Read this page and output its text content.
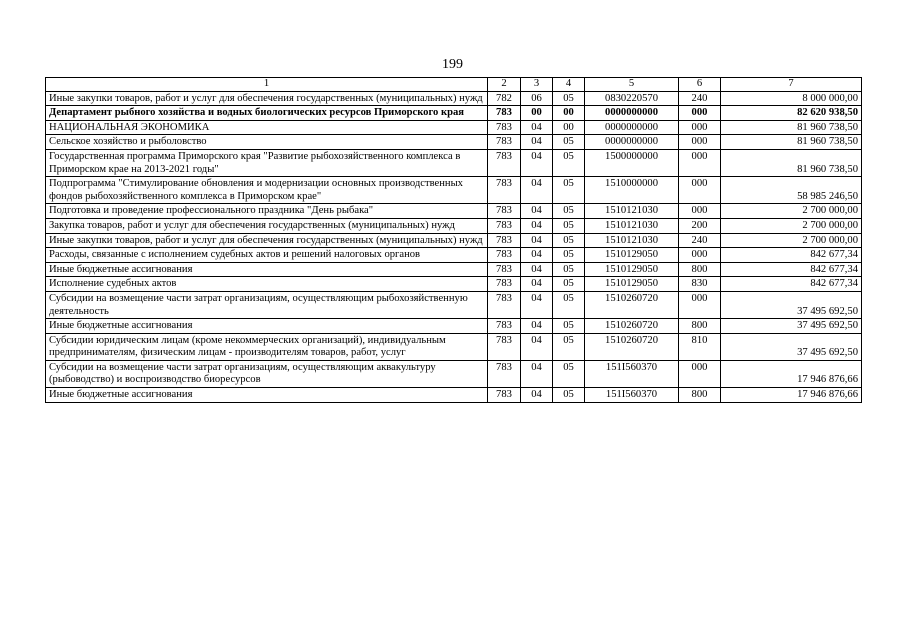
199
1	2	3	4	5	6	7
Иные закупки товаров, работ и услуг для обеспечения государственных (муниципальных) нужд	782	06	05	0830220570	240	8 000 000,00
Департамент рыбного хозяйства и водных биологических ресурсов Приморского края	783	00	00	0000000000	000	82 620 938,50
НАЦИОНАЛЬНАЯ ЭКОНОМИКА	783	04	00	0000000000	000	81 960 738,50
Сельское хозяйство и рыболовство	783	04	05	0000000000	000	81 960 738,50
Государственная программа Приморского края "Развитие рыбохозяйственного комплекса в Приморском крае на 2013-2021 годы"	783	04	05	1500000000	000	81 960 738,50
Подпрограмма "Стимулирование обновления и модернизации основных производственных фондов рыбохозяйственного комплекса в Приморском крае"	783	04	05	1510000000	000	58 985 246,50
Подготовка и проведение профессионального праздника "День рыбака"	783	04	05	1510121030	000	2 700 000,00
Закупка товаров, работ и услуг для обеспечения государственных (муниципальных) нужд	783	04	05	1510121030	200	2 700 000,00
Иные закупки товаров, работ и услуг для обеспечения государственных (муниципальных) нужд	783	04	05	1510121030	240	2 700 000,00
Расходы, связанные с исполнением судебных актов и решений налоговых органов	783	04	05	1510129050	000	842 677,34
Иные бюджетные ассигнования	783	04	05	1510129050	800	842 677,34
Исполнение судебных актов	783	04	05	1510129050	830	842 677,34
Субсидии на возмещение части затрат организациям, осуществляющим рыбохозяйственную деятельность	783	04	05	1510260720	000	37 495 692,50
Иные бюджетные ассигнования	783	04	05	1510260720	800	37 495 692,50
Субсидии юридическим лицам (кроме некоммерческих организаций), индивидуальным предпринимателям, физическим лицам - производителям товаров, работ, услуг	783	04	05	1510260720	810	37 495 692,50
Субсидии на возмещение части затрат организациям, осуществляющим аквакультуру (рыбоводство) и воспроизводство биоресурсов	783	04	05	151I560370	000	17 946 876,66
Иные бюджетные ассигнования	783	04	05	151I560370	800	17 946 876,66
